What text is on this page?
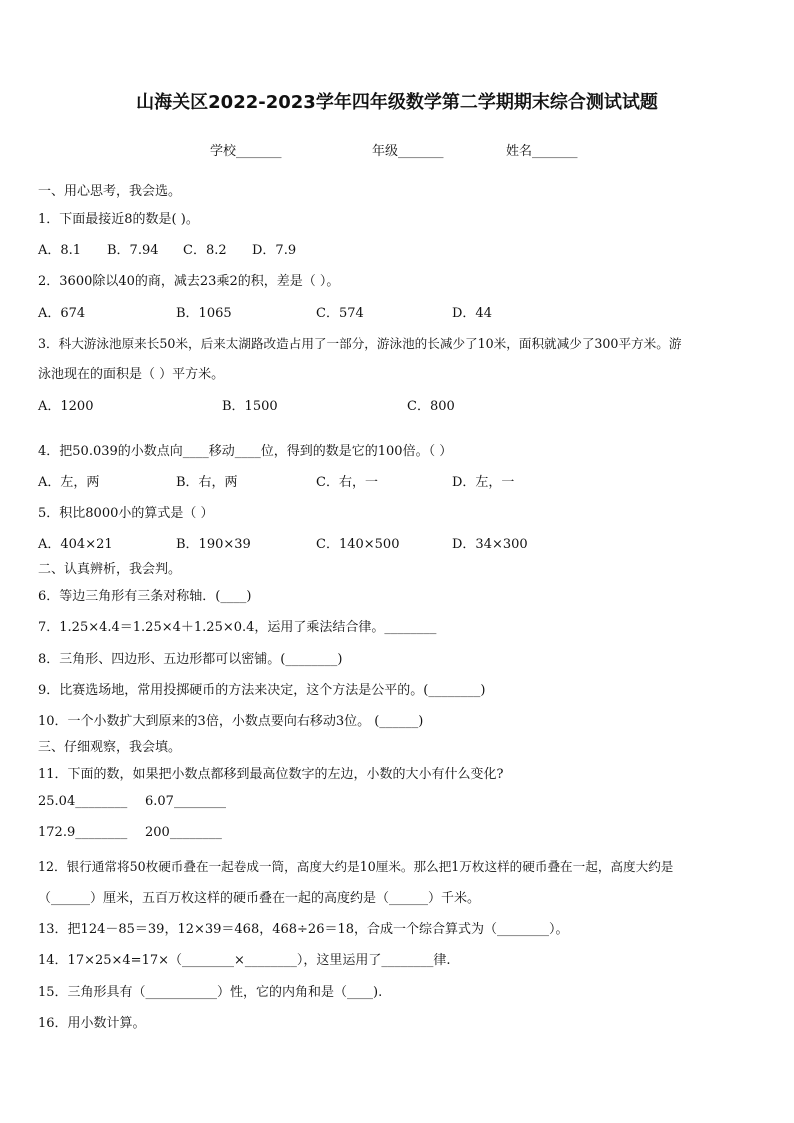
山海关区2022-2023学年四年级数学第二学期期末综合测试试题
学校_______	年级_______	姓名_______
一、用心思考，我会选。
1．下面最接近8的数是( )。
A．8.1 B．7.94 C．8.2 D．7.9
2．3600除以40的商，减去23乘2的积，差是（ ）。
A．674	B．1065	C．574	D．44
3．科大游泳池原来长50米，后来太湖路改造占用了一部分，游泳池的长减少了10米，面积就减少了300平方米。游
泳池现在的面积是（ ）平方米。
A．1200	B．1500	C．800
4．把50.039的小数点向____移动____位，得到的数是它的100倍。（ ）
A．左，两	B．右，两	C．右，一	D．左，一
5．积比8000小的算式是（ ）
A．404×21	B．190×39	C．140×500	D．34×300
二、认真辨析，我会判。
6．等边三角形有三条对称轴．(____)
7．1.25×4.4＝1.25×4＋1.25×0.4，运用了乘法结合律。________
8．三角形、四边形、五边形都可以密铺。(________)
9．比赛选场地，常用投掷硬币的方法来决定，这个方法是公平的。(________)
10．一个小数扩大到原来的3倍，小数点要向右移动3位。 (______)
三、仔细观察，我会填。
11．下面的数，如果把小数点都移到最高位数字的左边，小数的大小有什么变化?
25.04________ 6.07________
172.9________ 200________
12．银行通常将50枚硬币叠在一起卷成一筒，高度大约是10厘米。那么把1万枚这样的硬币叠在一起，高度大约是
（______）厘米，五百万枚这样的硬币叠在一起的高度约是（______）千米。
13．把124－85＝39，12×39＝468，468÷26＝18，合成一个综合算式为（________）。
14．17×25×4=17×（________×________），这里运用了________律.
15．三角形具有（___________）性，它的内角和是（____).
16．用小数计算。
